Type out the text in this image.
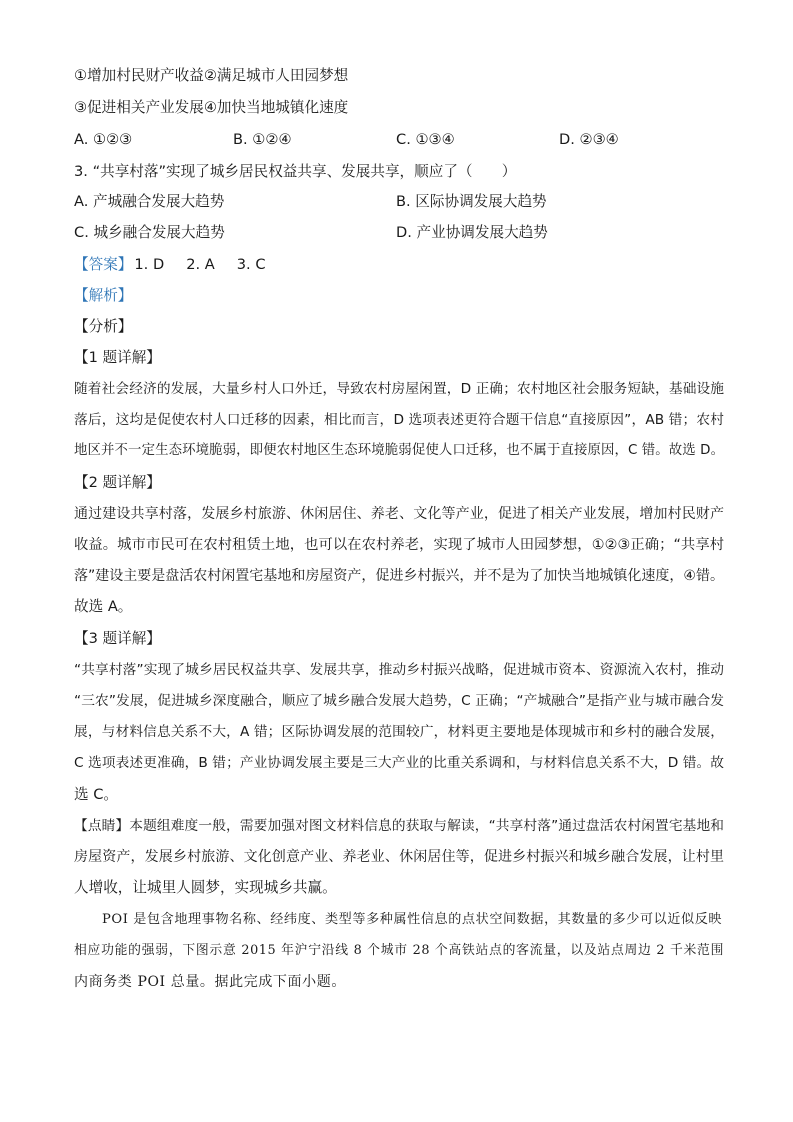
①增加村民财产收益②满足城市人田园梦想
③促进相关产业发展④加快当地城镇化速度
A. ①②③	B. ①②④	C. ①③④	D. ②③④
3. “共享村落”实现了城乡居民权益共享、发展共享，顺应了（　　）
A. 产城融合发展大趋势	B. 区际协调发展大趋势
C. 城乡融合发展大趋势	D. 产业协调发展大趋势
【答案】 1. D 2. A 3. C
【解析】
【分析】
【1 题详解】
随着社会经济的发展，大量乡村人口外迁，导致农村房屋闲置，D 正确；农村地区社会服务短缺，基础设施
落后，这均是促使农村人口迁移的因素，相比而言，D 选项表述更符合题干信息“直接原因”，AB 错；农村
地区并不一定生态环境脆弱，即便农村地区生态环境脆弱促使人口迁移，也不属于直接原因，C 错。故选 D。
【2 题详解】
通过建设共享村落，发展乡村旅游、休闲居住、养老、文化等产业，促进了相关产业发展，增加村民财产
收益。城市市民可在农村租赁土地，也可以在农村养老，实现了城市人田园梦想，①②③正确；“共享村
落”建设主要是盘活农村闲置宅基地和房屋资产，促进乡村振兴，并不是为了加快当地城镇化速度，④错。
故选 A。
【3 题详解】
“共享村落”实现了城乡居民权益共享、发展共享，推动乡村振兴战略，促进城市资本、资源流入农村，推动
“三农”发展，促进城乡深度融合，顺应了城乡融合发展大趋势，C 正确；“产城融合”是指产业与城市融合发
展，与材料信息关系不大，A 错；区际协调发展的范围较广，材料更主要地是体现城市和乡村的融合发展，
C 选项表述更准确，B 错；产业协调发展主要是三大产业的比重关系调和，与材料信息关系不大，D 错。故
选 C。
【点睛】本题组难度一般，需要加强对图文材料信息的获取与解读，“共享村落”通过盘活农村闲置宅基地和
房屋资产，发展乡村旅游、文化创意产业、养老业、休闲居住等，促进乡村振兴和城乡融合发展，让村里
人增收，让城里人圆梦，实现城乡共赢。
POI 是包含地理事物名称、经纬度、类型等多种属性信息的点状空间数据，其数量的多少可以近似反映
相应功能的强弱，下图示意 2015 年沪宁沿线 8 个城市 28 个高铁站点的客流量，以及站点周边 2 千米范围
内商务类 POI 总量。据此完成下面小题。
